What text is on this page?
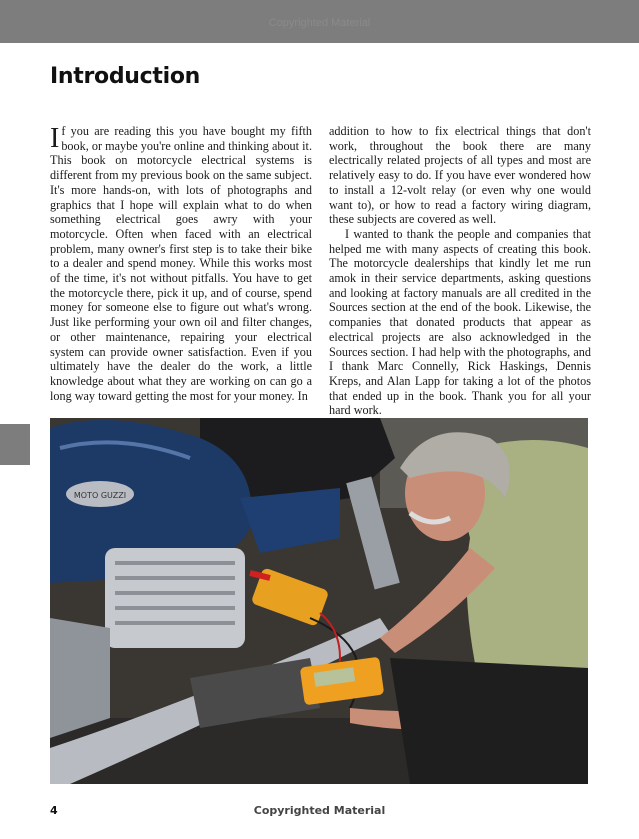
Copyrighted Material
Introduction

If you are reading this you have bought my fifth book, or maybe you're online and thinking about it. This book on motorcycle electrical systems is different from my previous book on the same subject. It's more hands-on, with lots of photographs and graphics that I hope will explain what to do when something electrical goes awry with your motorcycle. Often when faced with an electrical problem, many owner's first step is to take their bike to a dealer and spend money. While this works most of the time, it's not without pitfalls. You have to get the motorcycle there, pick it up, and of course, spend money for someone else to figure out what's wrong. Just like performing your own oil and filter changes, or other maintenance, repairing your electrical system can provide owner satisfaction. Even if you ultimately have the dealer do the work, a little knowledge about what they are working on can go a long way toward getting the most for your money. In

addition to how to fix electrical things that don't work, throughout the book there are many electrically related projects of all types and most are relatively easy to do. If you have ever wondered how to install a 12-volt relay (or even why one would want to), or how to read a factory wiring diagram, these subjects are covered as well.

I wanted to thank the people and companies that helped me with many aspects of creating this book. The motorcycle dealerships that kindly let me run amok in their service departments, asking questions and looking at factory manuals are all credited in the Sources section at the end of the book. Likewise, the companies that donated products that appear as electrical projects are also acknowledged in the Sources section. I had help with the photographs, and I thank Marc Connelly, Rick Haskings, Dennis Kreps, and Alan Lapp for taking a lot of the photos that ended up in the book. Thank you for all your hard work.

MOTO GUZZI
4	Copyrighted Material
